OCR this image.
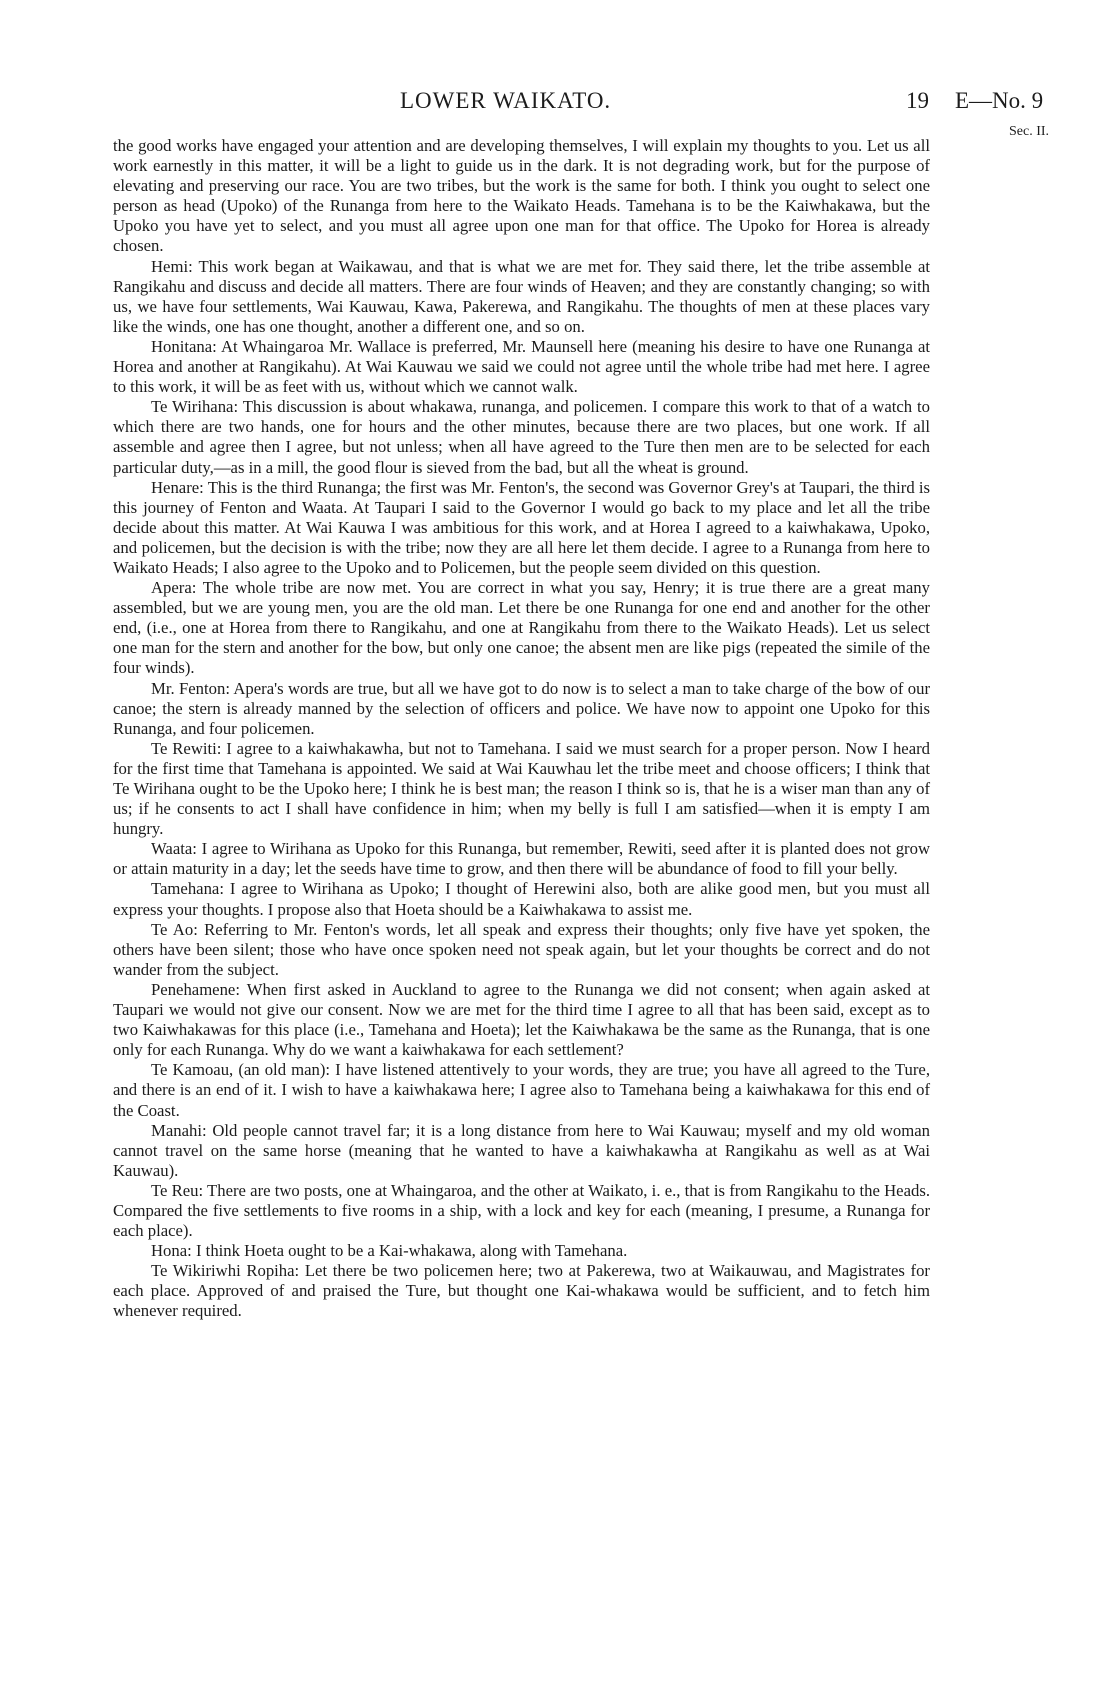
LOWER WAIKATO.	19 E—No. 9
Sec. II.

the good works have engaged your attention and are developing themselves, I will explain my thoughts to you. Let us all work earnestly in this matter, it will be a light to guide us in the dark. It is not degrading work, but for the purpose of elevating and preserving our race. You are two tribes, but the work is the same for both. I think you ought to select one person as head (Upoko) of the Runanga from here to the Waikato Heads. Tamehana is to be the Kaiwhakawa, but the Upoko you have yet to select, and you must all agree upon one man for that office. The Upoko for Horea is already chosen.

Hemi: This work began at Waikawau, and that is what we are met for. They said there, let the tribe assemble at Rangikahu and discuss and decide all matters. There are four winds of Heaven; and they are constantly changing; so with us, we have four settlements, Wai Kauwau, Kawa, Pakerewa, and Rangikahu. The thoughts of men at these places vary like the winds, one has one thought, another a different one, and so on.

Honitana: At Whaingaroa Mr. Wallace is preferred, Mr. Maunsell here (meaning his desire to have one Runanga at Horea and another at Rangikahu). At Wai Kauwau we said we could not agree until the whole tribe had met here. I agree to this work, it will be as feet with us, without which we cannot walk.

Te Wirihana: This discussion is about whakawa, runanga, and policemen. I compare this work to that of a watch to which there are two hands, one for hours and the other minutes, because there are two places, but one work. If all assemble and agree then I agree, but not unless; when all have agreed to the Ture then men are to be selected for each particular duty,—as in a mill, the good flour is sieved from the bad, but all the wheat is ground.

Henare: This is the third Runanga; the first was Mr. Fenton's, the second was Governor Grey's at Taupari, the third is this journey of Fenton and Waata. At Taupari I said to the Governor I would go back to my place and let all the tribe decide about this matter. At Wai Kauwa I was ambitious for this work, and at Horea I agreed to a kaiwhakawa, Upoko, and policemen, but the decision is with the tribe; now they are all here let them decide. I agree to a Runanga from here to Waikato Heads; I also agree to the Upoko and to Policemen, but the people seem divided on this question.

Apera: The whole tribe are now met. You are correct in what you say, Henry; it is true there are a great many assembled, but we are young men, you are the old man. Let there be one Runanga for one end and another for the other end, (i.e., one at Horea from there to Rangikahu, and one at Rangikahu from there to the Waikato Heads). Let us select one man for the stern and another for the bow, but only one canoe; the absent men are like pigs (repeated the simile of the four winds).

Mr. Fenton: Apera's words are true, but all we have got to do now is to select a man to take charge of the bow of our canoe; the stern is already manned by the selection of officers and police. We have now to appoint one Upoko for this Runanga, and four policemen.

Te Rewiti: I agree to a kaiwhakawha, but not to Tamehana. I said we must search for a proper person. Now I heard for the first time that Tamehana is appointed. We said at Wai Kauwhau let the tribe meet and choose officers; I think that Te Wirihana ought to be the Upoko here; I think he is best man; the reason I think so is, that he is a wiser man than any of us; if he consents to act I shall have confidence in him; when my belly is full I am satisfied—when it is empty I am hungry.

Waata: I agree to Wirihana as Upoko for this Runanga, but remember, Rewiti, seed after it is planted does not grow or attain maturity in a day; let the seeds have time to grow, and then there will be abundance of food to fill your belly.

Tamehana: I agree to Wirihana as Upoko; I thought of Herewini also, both are alike good men, but you must all express your thoughts. I propose also that Hoeta should be a Kaiwhakawa to assist me.

Te Ao: Referring to Mr. Fenton's words, let all speak and express their thoughts; only five have yet spoken, the others have been silent; those who have once spoken need not speak again, but let your thoughts be correct and do not wander from the subject.

Penehamene: When first asked in Auckland to agree to the Runanga we did not consent; when again asked at Taupari we would not give our consent. Now we are met for the third time I agree to all that has been said, except as to two Kaiwhakawas for this place (i.e., Tamehana and Hoeta); let the Kaiwhakawa be the same as the Runanga, that is one only for each Runanga. Why do we want a kaiwhakawa for each settlement?

Te Kamoau, (an old man): I have listened attentively to your words, they are true; you have all agreed to the Ture, and there is an end of it. I wish to have a kaiwhakawa here; I agree also to Tamehana being a kaiwhakawa for this end of the Coast.

Manahi: Old people cannot travel far; it is a long distance from here to Wai Kauwau; myself and my old woman cannot travel on the same horse (meaning that he wanted to have a kaiwhakawha at Rangikahu as well as at Wai Kauwau).

Te Reu: There are two posts, one at Whaingaroa, and the other at Waikato, i. e., that is from Rangikahu to the Heads. Compared the five settlements to five rooms in a ship, with a lock and key for each (meaning, I presume, a Runanga for each place).

Hona: I think Hoeta ought to be a Kai-whakawa, along with Tamehana.

Te Wikiriwhi Ropiha: Let there be two policemen here; two at Pakerewa, two at Waikauwau, and Magistrates for each place. Approved of and praised the Ture, but thought one Kai-whakawa would be sufficient, and to fetch him whenever required.
